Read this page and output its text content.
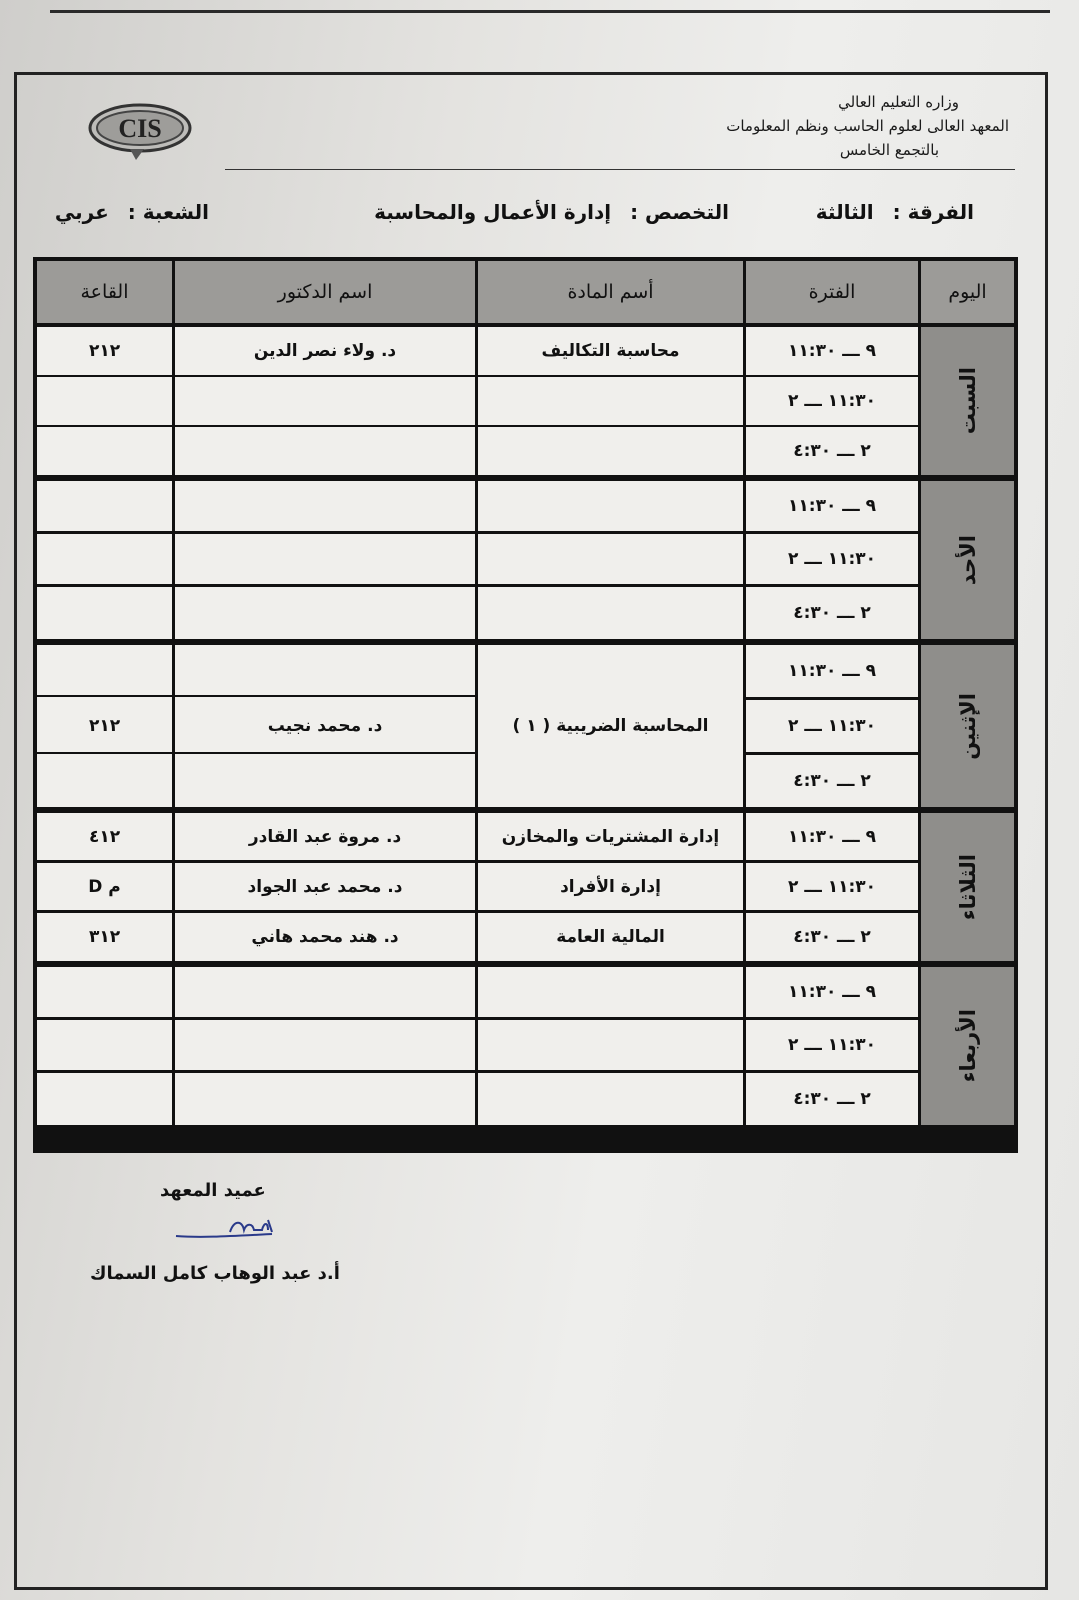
وزاره التعليم العالي
المعهد العالى لعلوم الحاسب ونظم المعلومات
بالتجمع الخامس
CIS
الفرقة : الثالثة
التخصص : إدارة الأعمال والمحاسبة
الشعبة : عربي
اليوم
الفترة
أسم المادة
اسم الدكتور
القاعة
السبت
٩ ـــ ١١:٣٠
١١:٣٠ ـــ ٢
٢ ـــ ٤:٣٠
محاسبة التكاليف
د. ولاء نصر الدين
٢١٢
الأحد
٩ ـــ ١١:٣٠
١١:٣٠ ـــ ٢
٢ ـــ ٤:٣٠
الإثنين
٩ ـــ ١١:٣٠
١١:٣٠ ـــ ٢
٢ ـــ ٤:٣٠
المحاسبة الضريبية ( ١ )
د. محمد نجيب
٢١٢
الثلاثاء
٩ ـــ ١١:٣٠
١١:٣٠ ـــ ٢
٢ ـــ ٤:٣٠
إدارة المشتريات والمخازن
إدارة الأفراد
المالية العامة
د. مروة عبد القادر
د. محمد عبد الجواد
د. هند محمد هاني
٤١٢
م D
٣١٢
الأربعاء
٩ ـــ ١١:٣٠
١١:٣٠ ـــ ٢
٢ ـــ ٤:٣٠
عميد المعهد
أ.د عبد الوهاب كامل السماك
